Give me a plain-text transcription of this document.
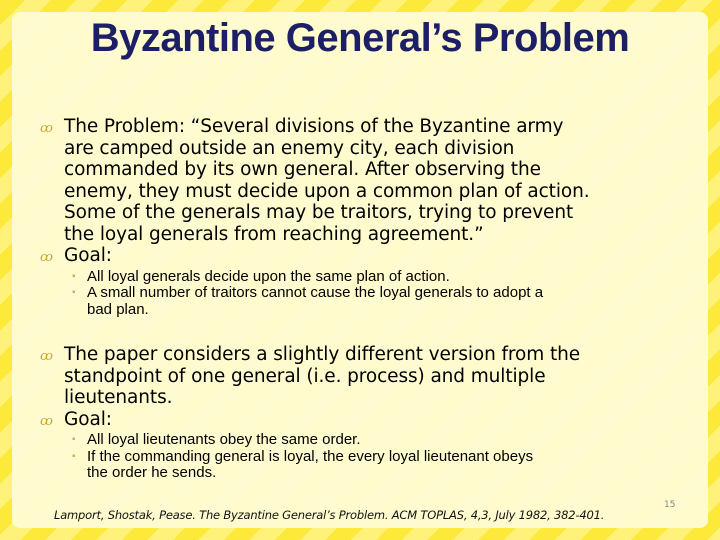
Byzantine General’s Problem
ꝏ The Problem: “Several divisions of the Byzantine army
are camped outside an enemy city, each division
commanded by its own general. After observing the
enemy, they must decide upon a common plan of action.
Some of the generals may be traitors, trying to prevent
the loyal generals from reaching agreement.”
ꝏ Goal:
▪ All loyal generals decide upon the same plan of action.
▪ A small number of traitors cannot cause the loyal generals to adopt a
bad plan.
ꝏ The paper considers a slightly different version from the
standpoint of one general (i.e. process) and multiple
lieutenants.
ꝏ Goal:
▪ All loyal lieutenants obey the same order.
▪ If the commanding general is loyal, the every loyal lieutenant obeys
the order he sends.
Lamport, Shostak, Pease. The Byzantine General’s Problem. ACM TOPLAS, 4,3, July 1982, 382-401.
15
